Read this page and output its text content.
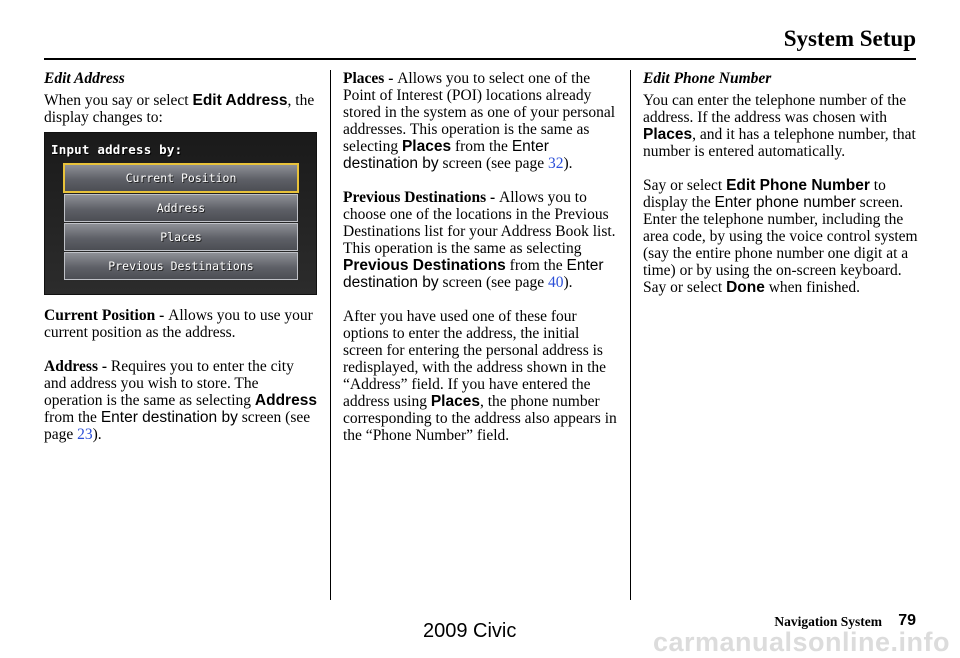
System Setup
Edit Address

When you say or select Edit Address, the display changes to:

Input address by:
Current Position
Address
Places
Previous Destinations

Current Position - Allows you to use your current position as the address.

Address - Requires you to enter the city and address you wish to store. The operation is the same as selecting Address from the Enter destination by screen (see page 23).

Places - Allows you to select one of the Point of Interest (POI) locations already stored in the system as one of your personal addresses. This operation is the same as selecting Places from the Enter destination by screen (see page 32).

Previous Destinations - Allows you to choose one of the locations in the Previous Destinations list for your Address Book list. This operation is the same as selecting Previous Destinations from the Enter destination by screen (see page 40).

After you have used one of these four options to enter the address, the initial screen for entering the personal address is redisplayed, with the address shown in the “Address” field. If you have entered the address using Places, the phone number corresponding to the address also appears in the “Phone Number” field.

Edit Phone Number

You can enter the telephone number of the address. If the address was chosen with Places, and it has a telephone number, that number is entered automatically.

Say or select Edit Phone Number to display the Enter phone number screen. Enter the telephone number, including the area code, by using the voice control system (say the entire phone number one digit at a time) or by using the on-screen keyboard. Say or select Done when finished.

Navigation System 79
2009 Civic	carmanualsonline.info
